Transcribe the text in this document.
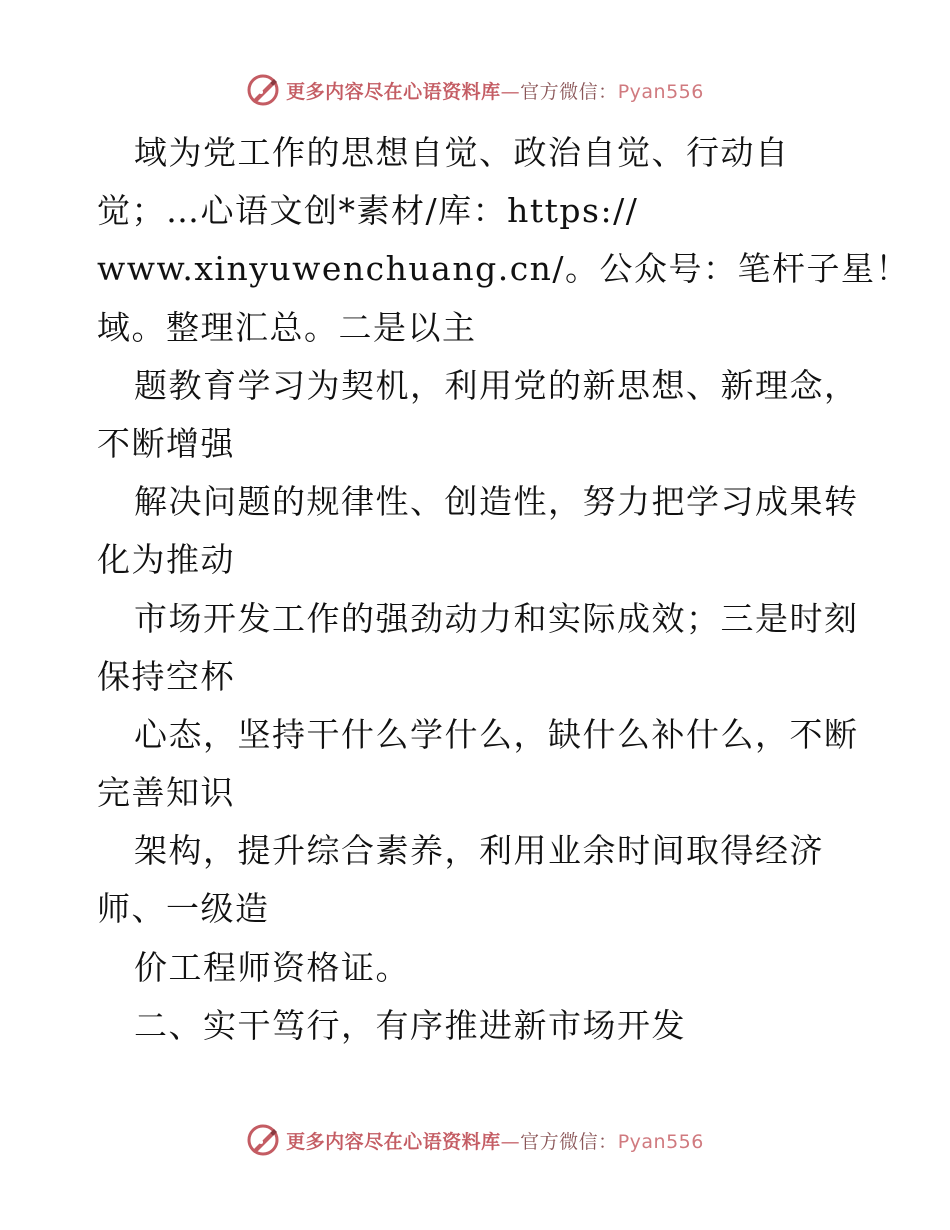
更多内容尽在心语资料库—官方微信：Pyan556
域为党工作的思想自觉、政治自觉、行动自
觉；…心语文创*素材/库：https://
www.xinyuwenchuang.cn/。公众号：笔杆子星！
域。整理汇总。二是以主
题教育学习为契机，利用党的新思想、新理念，
不断增强
解决问题的规律性、创造性，努力把学习成果转
化为推动
市场开发工作的强劲动力和实际成效；三是时刻
保持空杯
心态，坚持干什么学什么，缺什么补什么，不断
完善知识
架构，提升综合素养，利用业余时间取得经济
师、一级造
价工程师资格证。
二、实干笃行，有序推进新市场开发
更多内容尽在心语资料库—官方微信：Pyan556
